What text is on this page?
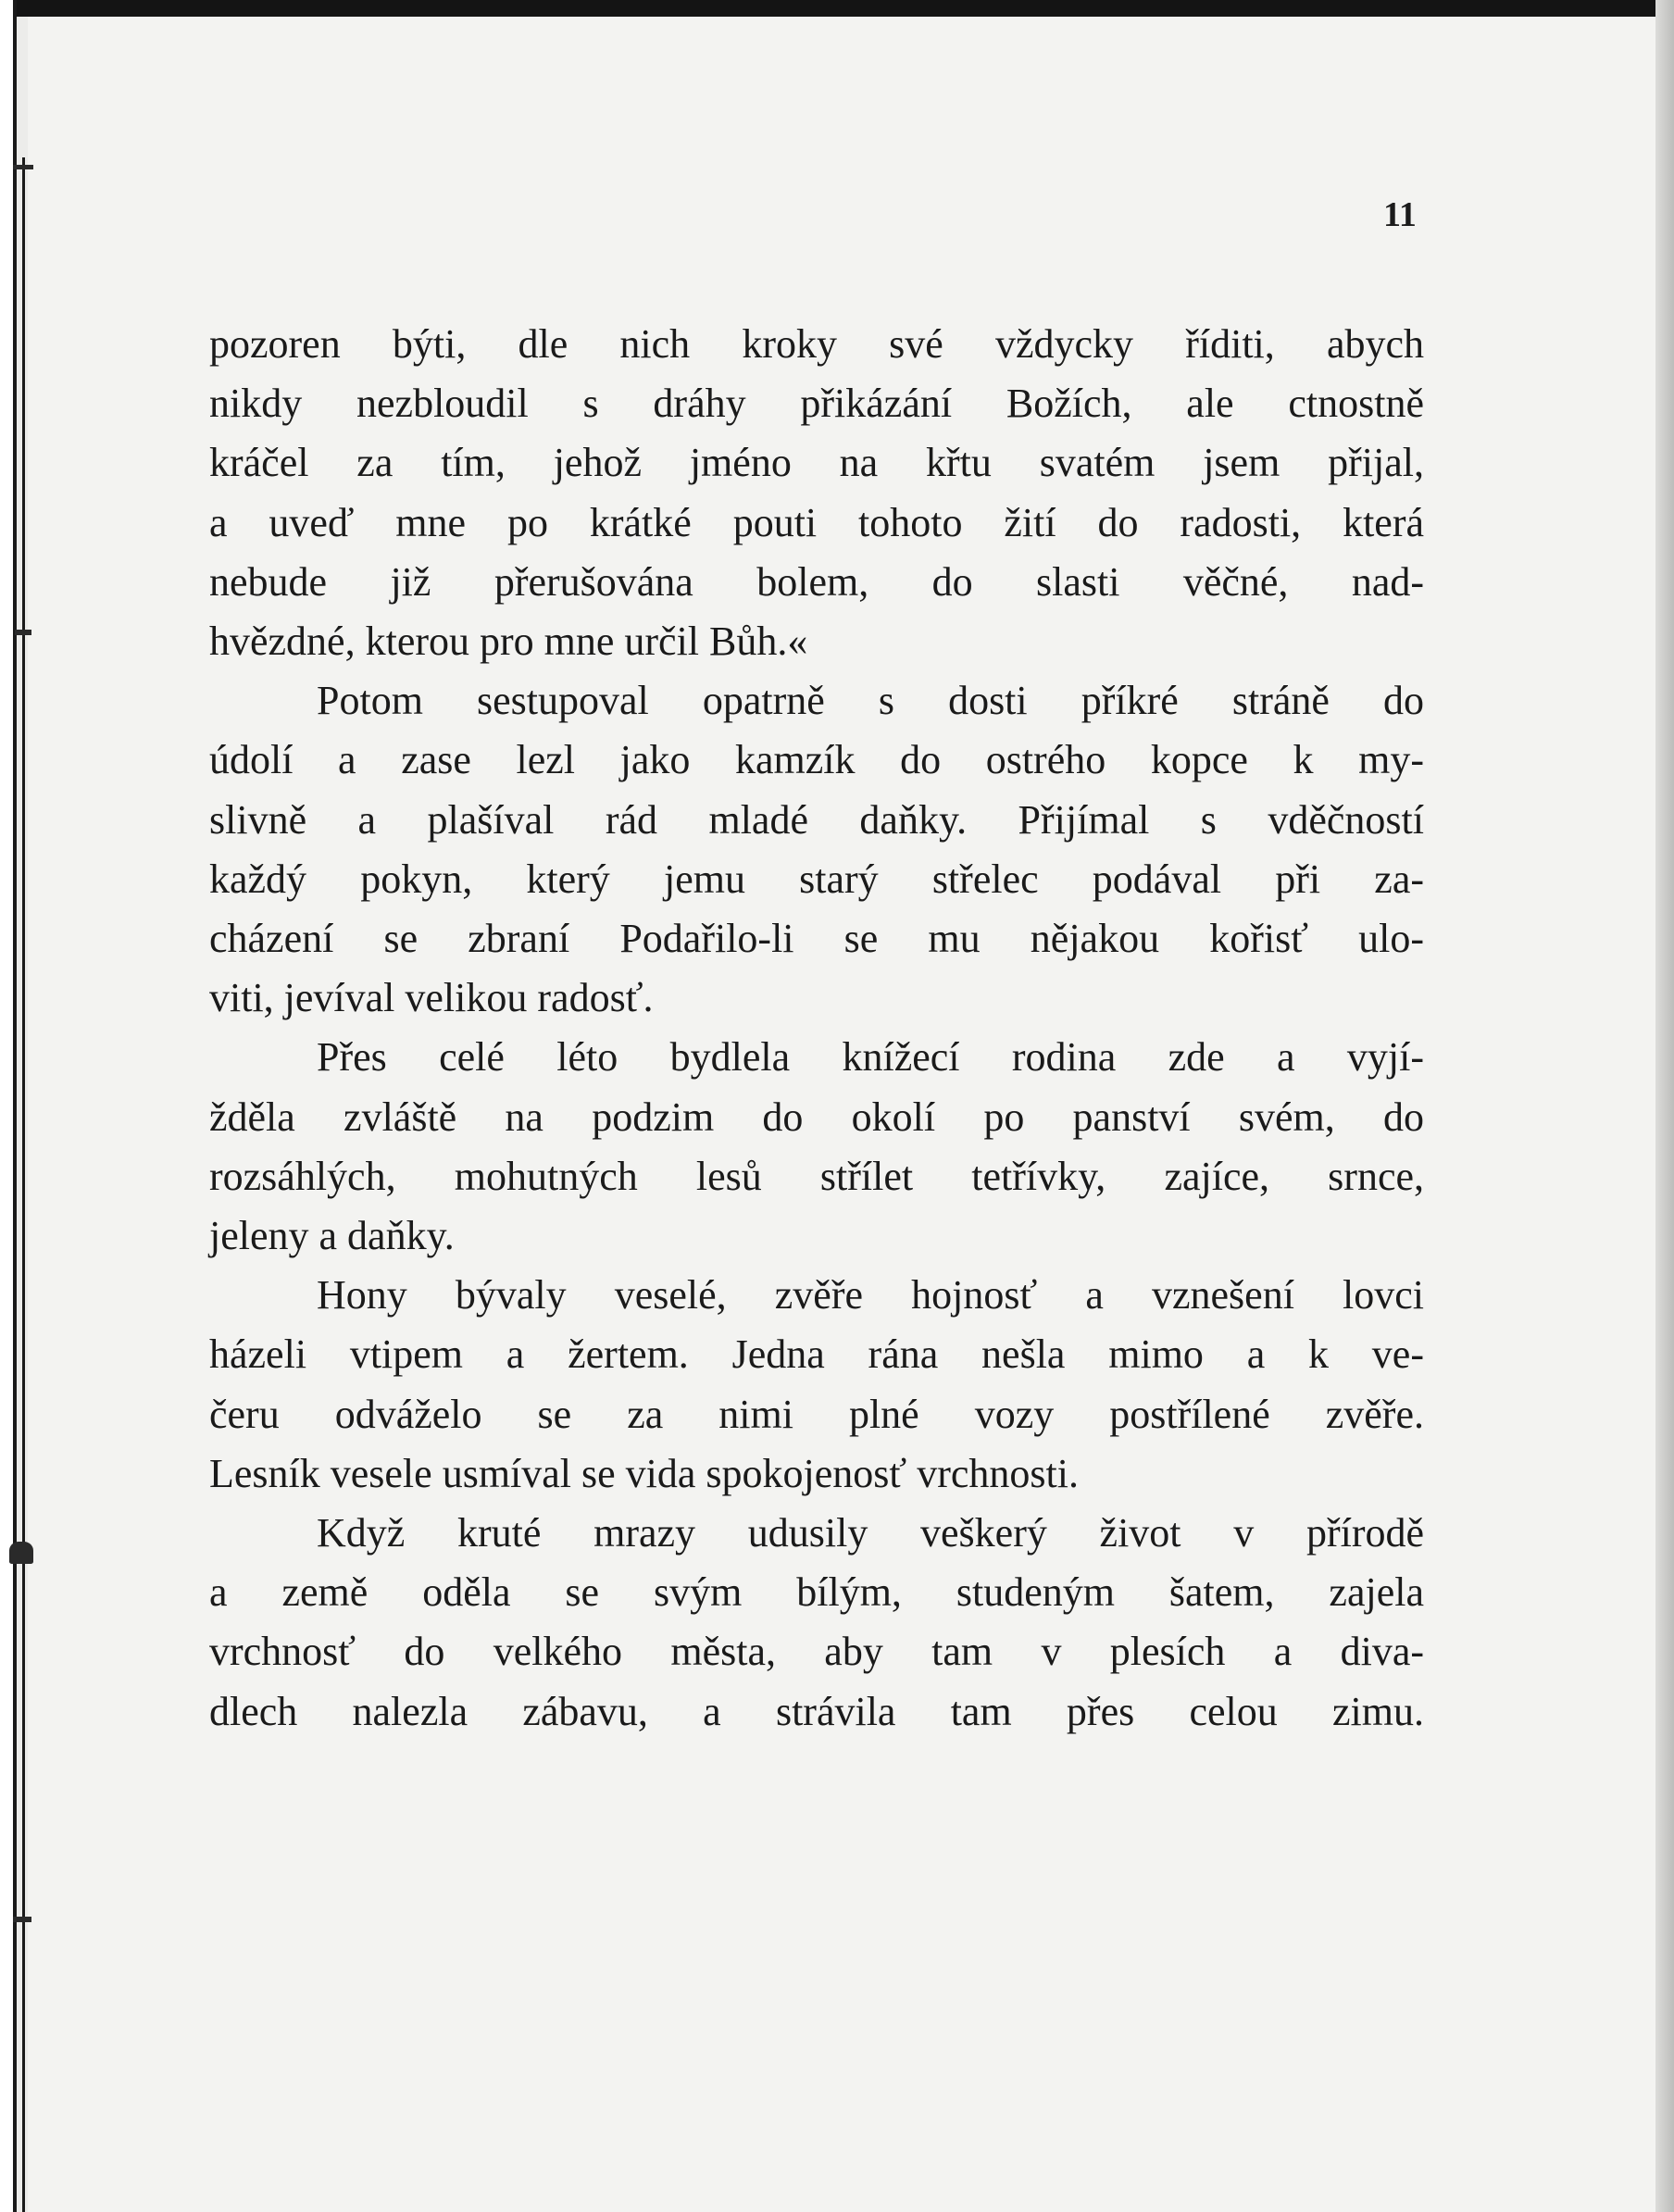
11
pozoren býti, dle nich kroky své vždycky říditi, abych
nikdy nezbloudil s dráhy přikázání Božích, ale ctnostně
kráčel za tím, jehož jméno na křtu svatém jsem přijal,
a uveď mne po krátké pouti tohoto žití do radosti, která
nebude již přerušována bolem, do slasti věčné, nad-
hvězdné, kterou pro mne určil Bůh.«
Potom sestupoval opatrně s dosti příkré stráně do
údolí a zase lezl jako kamzík do ostrého kopce k my-
slivně a plašíval rád mladé daňky. Přijímal s vděčností
každý pokyn, který jemu starý střelec podával při za-
cházení se zbraní Podařilo-li se mu nějakou kořisť ulo-
viti, jevíval velikou radosť.
Přes celé léto bydlela knížecí rodina zde a vyjí-
žděla zvláště na podzim do okolí po panství svém, do
rozsáhlých, mohutných lesů střílet tetřívky, zajíce, srnce,
jeleny a daňky.
Hony bývaly veselé, zvěře hojnosť a vznešení lovci
házeli vtipem a žertem. Jedna rána nešla mimo a k ve-
čeru odváželo se za nimi plné vozy postřílené zvěře.
Lesník vesele usmíval se vida spokojenosť vrchnosti.
Když kruté mrazy udusily veškerý život v přírodě
a země oděla se svým bílým, studeným šatem, zajela
vrchnosť do velkého města, aby tam v plesích a diva-
dlech nalezla zábavu, a strávila tam přes celou zimu.
